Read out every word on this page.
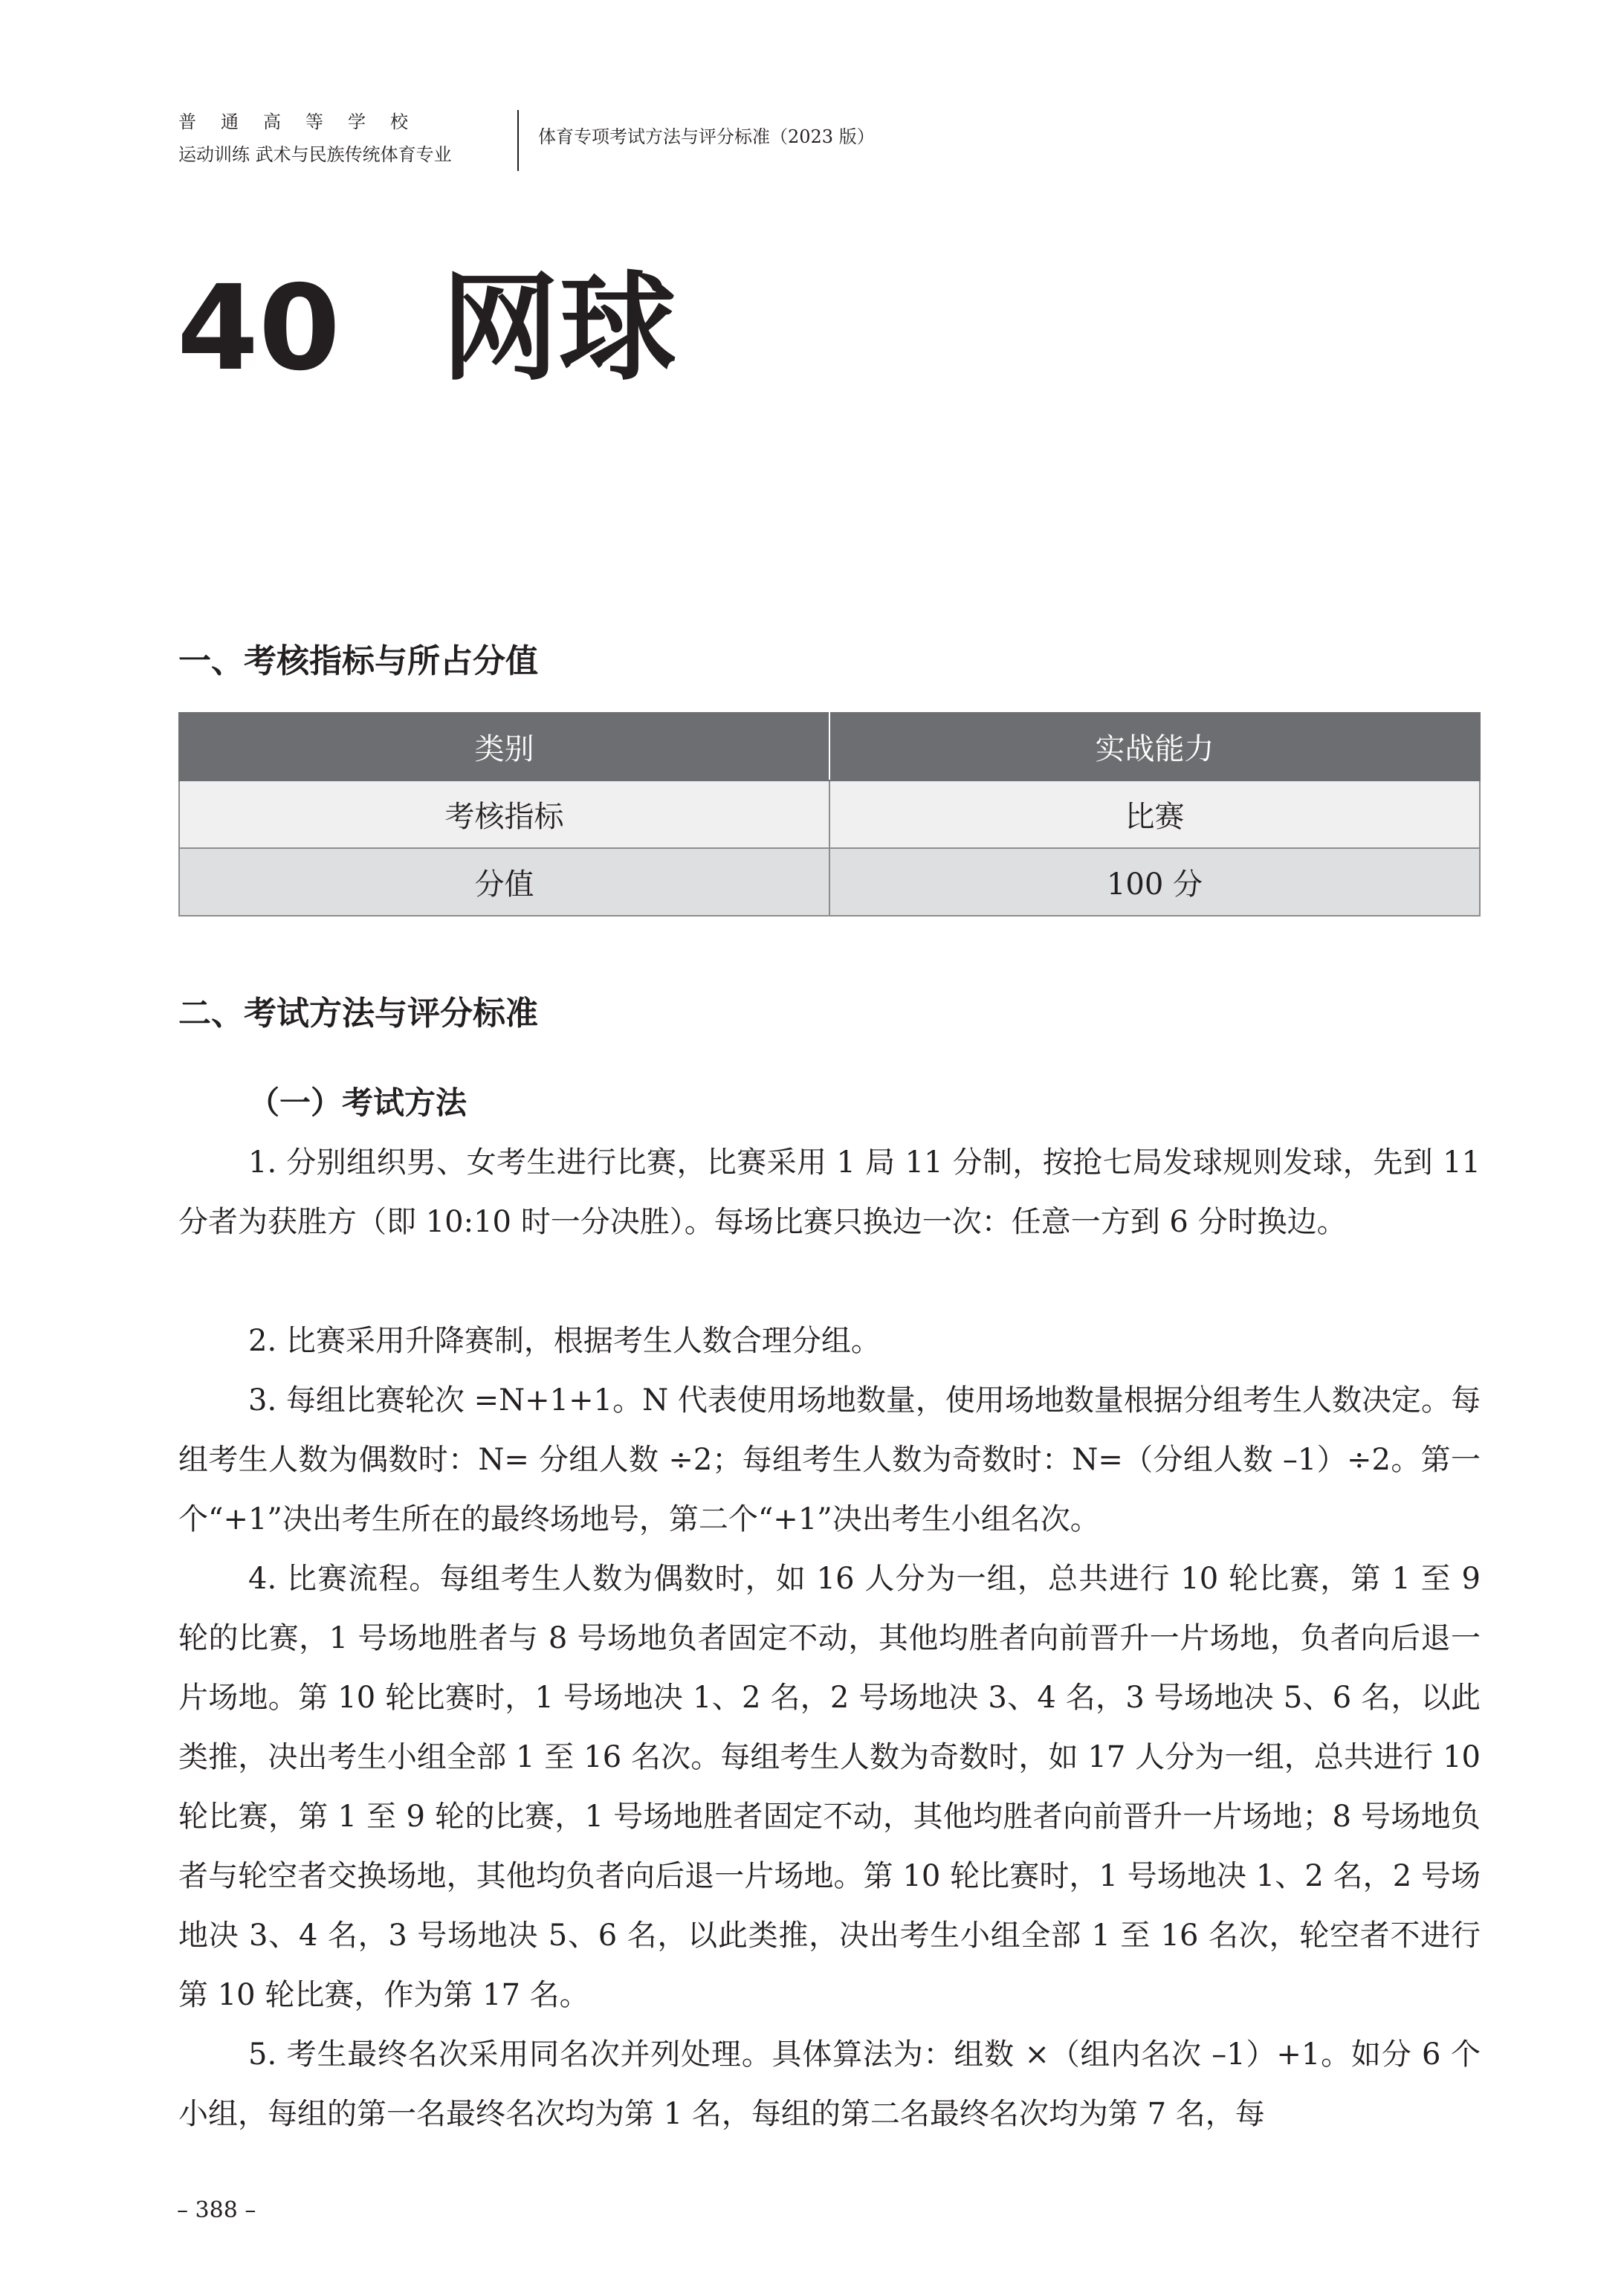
普通高等学校
运动训练 武术与民族传统体育专业
体育专项考试方法与评分标准（2023 版）
40 网球
一、考核指标与所占分值
类别	实战能力
考核指标	比赛
分值	100 分
二、考试方法与评分标准
（一）考试方法

1. 分别组织男、女考生进行比赛，比赛采用 1 局 11 分制，按抢七局发球规则发球，先到 11 分者为获胜方（即 10:10 时一分决胜）。每场比赛只换边一次：任意一方到 6 分时换边。

2. 比赛采用升降赛制，根据考生人数合理分组。

3. 每组比赛轮次 =N+1+1。N 代表使用场地数量，使用场地数量根据分组考生人数决定。每组考生人数为偶数时：N= 分组人数 ÷2；每组考生人数为奇数时：N=（分组人数 –1）÷2。第一个“+1”决出考生所在的最终场地号，第二个“+1”决出考生小组名次。

4. 比赛流程。每组考生人数为偶数时，如 16 人分为一组，总共进行 10 轮比赛，第 1 至 9 轮的比赛，1 号场地胜者与 8 号场地负者固定不动，其他均胜者向前晋升一片场地，负者向后退一片场地。第 10 轮比赛时，1 号场地决 1、2 名，2 号场地决 3、4 名，3 号场地决 5、6 名，以此类推，决出考生小组全部 1 至 16 名次。每组考生人数为奇数时，如 17 人分为一组，总共进行 10 轮比赛，第 1 至 9 轮的比赛，1 号场地胜者固定不动，其他均胜者向前晋升一片场地；8 号场地负者与轮空者交换场地，其他均负者向后退一片场地。第 10 轮比赛时，1 号场地决 1、2 名，2 号场地决 3、4 名，3 号场地决 5、6 名，以此类推，决出考生小组全部 1 至 16 名次，轮空者不进行第 10 轮比赛，作为第 17 名。

5. 考生最终名次采用同名次并列处理。具体算法为：组数 ×（组内名次 –1）+1。如分 6 个小组，每组的第一名最终名次均为第 1 名，每组的第二名最终名次均为第 7 名，每

– 388 –
